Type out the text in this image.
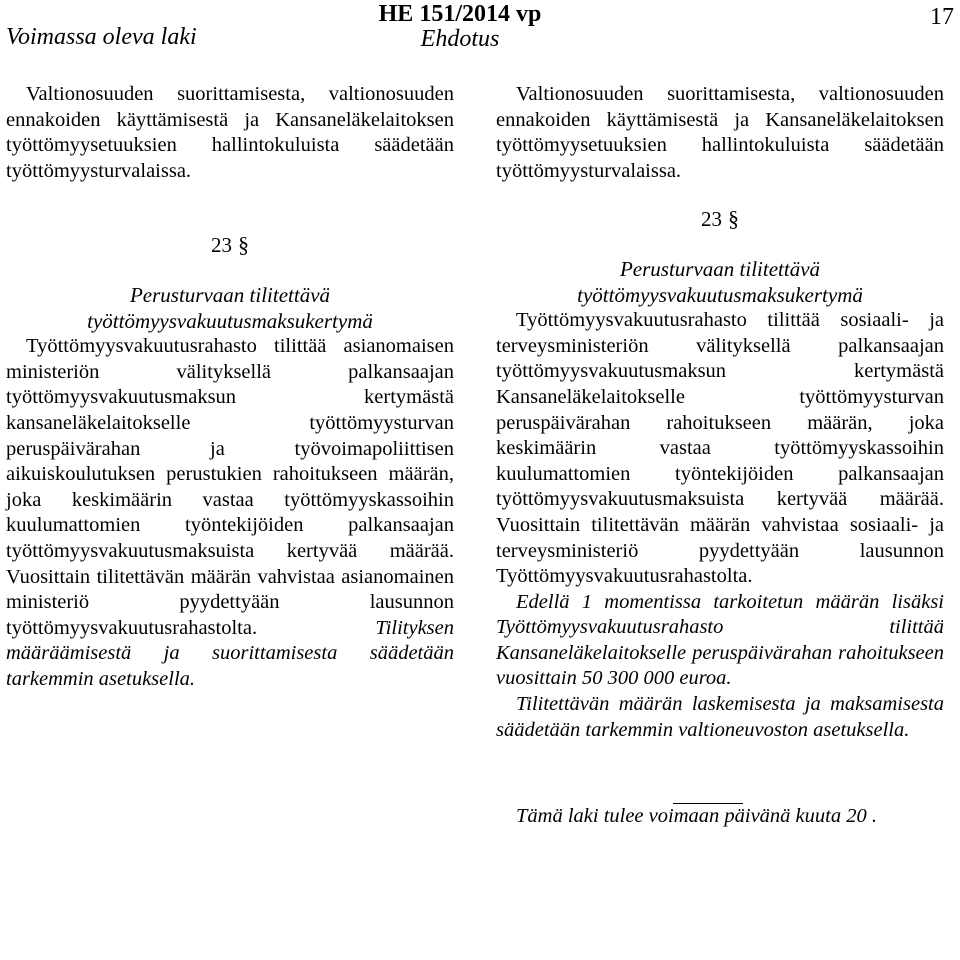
Voimassa oleva laki
HE 151/2014 vp
Ehdotus
17

Valtionosuuden suorittamisesta, valtionosuuden ennakoiden käyttämisestä ja Kansaneläkelaitoksen työttömyysetuuksien hallintokuluista säädetään työttömyysturvalaissa.

23 §
Perusturvaan tilitettävä työttömyysvakuutusmaksukertymä

Työttömyysvakuutusrahasto tilittää asianomaisen ministeriön välityksellä palkansaajan työttömyysvakuutusmaksun kertymästä kansaneläkelaitokselle työttömyysturvan peruspäivärahan ja työvoimapoliittisen aikuiskoulutuksen perustukien rahoitukseen määrän, joka keskimäärin vastaa työttömyyskassoihin kuulumattomien työntekijöiden palkansaajan työttömyysvakuutusmaksuista kertyvää määrää. Vuosittain tilitettävän määrän vahvistaa asianomainen ministeriö pyydettyään lausunnon työttömyysvakuutusrahastolta. Tilityksen määräämisestä ja suorittamisesta säädetään tarkemmin asetuksella.

Valtionosuuden suorittamisesta, valtionosuuden ennakoiden käyttämisestä ja Kansaneläkelaitoksen työttömyysetuuksien hallintokuluista säädetään työttömyysturvalaissa.

23 §
Perusturvaan tilitettävä työttömyysvakuutusmaksukertymä

Työttömyysvakuutusrahasto tilittää sosiaali- ja terveysministeriön välityksellä palkansaajan työttömyysvakuutusmaksun kertymästä Kansaneläkelaitokselle työttömyysturvan peruspäivärahan rahoitukseen määrän, joka keskimäärin vastaa työttömyyskassoihin kuulumattomien työntekijöiden palkansaajan työttömyysvakuutusmaksuista kertyvää määrää. Vuosittain tilitettävän määrän vahvistaa sosiaali- ja terveysministeriö pyydettyään lausunnon Työttömyysvakuutusrahastolta.

Edellä 1 momentissa tarkoitetun määrän lisäksi Työttömyysvakuutusrahasto tilittää Kansaneläkelaitokselle peruspäivärahan rahoitukseen vuosittain 50 300 000 euroa.

Tilitettävän määrän laskemisesta ja maksamisesta säädetään tarkemmin valtioneuvoston asetuksella.

Tämä laki tulee voimaan päivänä kuuta 20 .
